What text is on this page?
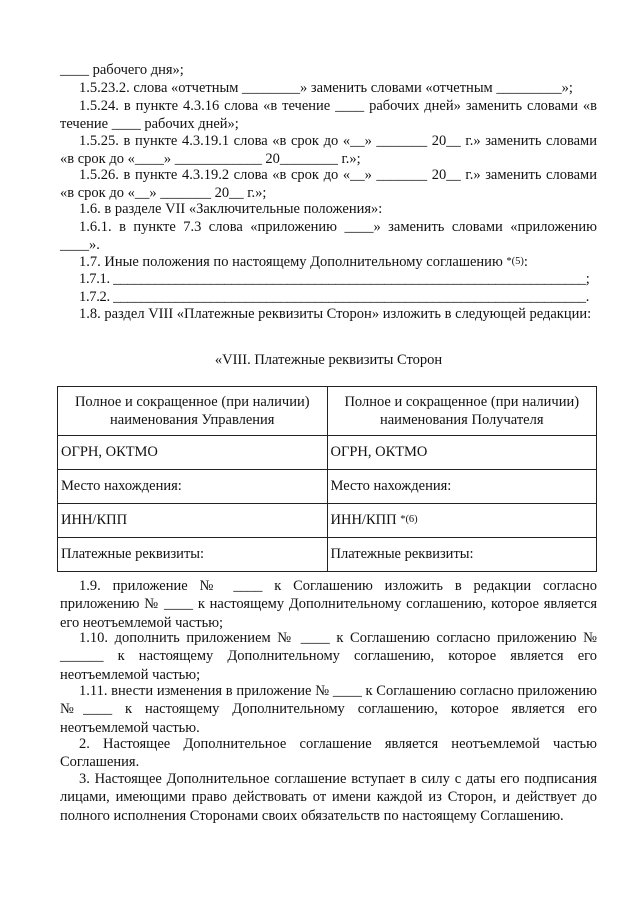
____ рабочего дня»;
1.5.23.2. слова «отчетным ________» заменить словами «отчетным _________»;
1.5.24. в пункте 4.3.16 слова «в течение ____ рабочих дней» заменить словами «в течение ____ рабочих дней»;
1.5.25. в пункте 4.3.19.1 слова «в срок до «__» _______ 20__ г.» заменить словами «в срок до «____» ____________ 20________ г.»;
1.5.26. в пункте 4.3.19.2 слова «в срок до «__» _______ 20__ г.» заменить словами «в срок до «__» _______ 20__ г.»;
1.6. в разделе VII «Заключительные положения»:
1.6.1. в пункте 7.3 слова «приложению ____» заменить словами «приложению ____».
1.7. Иные положения по настоящему Дополнительному соглашению $^{*(5)}$:
1.7.1. ____________________________________________________________________;
1.7.2. ____________________________________________________________________.
1.8. раздел VIII «Платежные реквизиты Сторон» изложить в следующей редакции:
«VIII. Платежные реквизиты Сторон
Полное и сокращенное (при наличии) наименования Управления	Полное и сокращенное (при наличии) наименования Получателя
ОГРН, ОКТМО	ОГРН, ОКТМО
Место нахождения:	Место нахождения:
ИНН/КПП	ИНН/КПП $^{*(6)}$
Платежные реквизиты:	Платежные реквизиты:
1.9. приложение № ____ к Соглашению изложить в редакции согласно приложению № ____ к настоящему Дополнительному соглашению, которое является его неотъемлемой частью;
1.10. дополнить приложением № ____ к Соглашению согласно приложению № ______ к настоящему Дополнительному соглашению, которое является его неотъемлемой частью;
1.11. внести изменения в приложение № ____ к Соглашению согласно приложению №____ к настоящему Дополнительному соглашению, которое является его неотъемлемой частью.
2. Настоящее Дополнительное соглашение является неотъемлемой частью Соглашения.
3. Настоящее Дополнительное соглашение вступает в силу с даты его подписания лицами, имеющими право действовать от имени каждой из Сторон, и действует до полного исполнения Сторонами своих обязательств по настоящему Соглашению.
